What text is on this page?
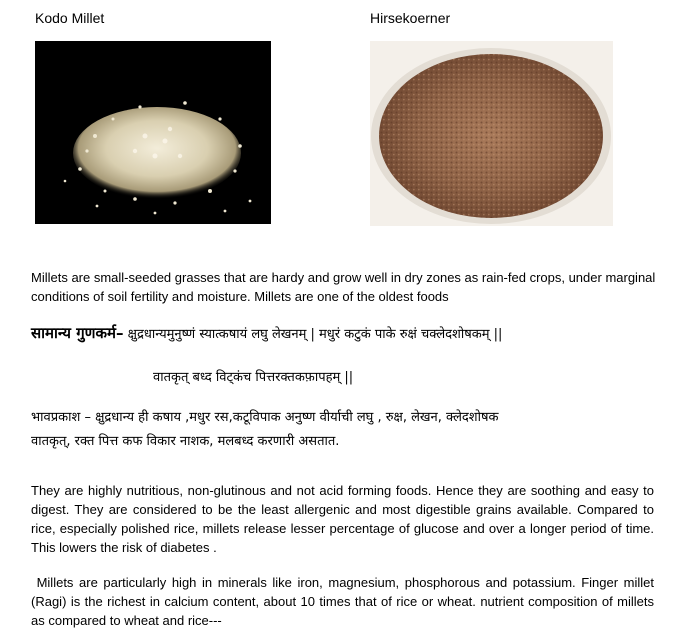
Kodo Millet	Hirsekoerner
Millets are small-seeded grasses that are hardy and grow well in dry zones as rain-fed crops, under marginal conditions of soil fertility and moisture. Millets are one of the oldest foods
सामान्य गुणकर्म– क्षुद्रधान्यमुनुष्णं स्यात्कषायं लघु लेखनम् | मधुरं कटुकं पाके रुक्षं चक्लेदशोषकम् ||
वातकृत् बध्द विट्कंच पित्तरक्तकफ़ापहम् ||
भावप्रकाश – क्षुद्रधान्य ही कषाय ,मधुर रस,कटूविपाक अनुष्ण वीर्याची लघु , रुक्ष, लेखन, क्लेदशोषक
वातकृत्, रक्त पित्त कफ विकार नाशक, मलबध्द करणारी असतात.
They are highly nutritious, non-glutinous and not acid forming foods. Hence they are soothing and easy to digest. They are considered to be the least allergenic and most digestible grains available. Compared to rice, especially polished rice, millets release lesser percentage of glucose and over a longer period of time. This lowers the risk of diabetes .
Millets are particularly high in minerals like iron, magnesium, phosphorous and potassium. Finger millet (Ragi) is the richest in calcium content, about 10 times that of rice or wheat. nutrient composition of millets as compared to wheat and rice---
